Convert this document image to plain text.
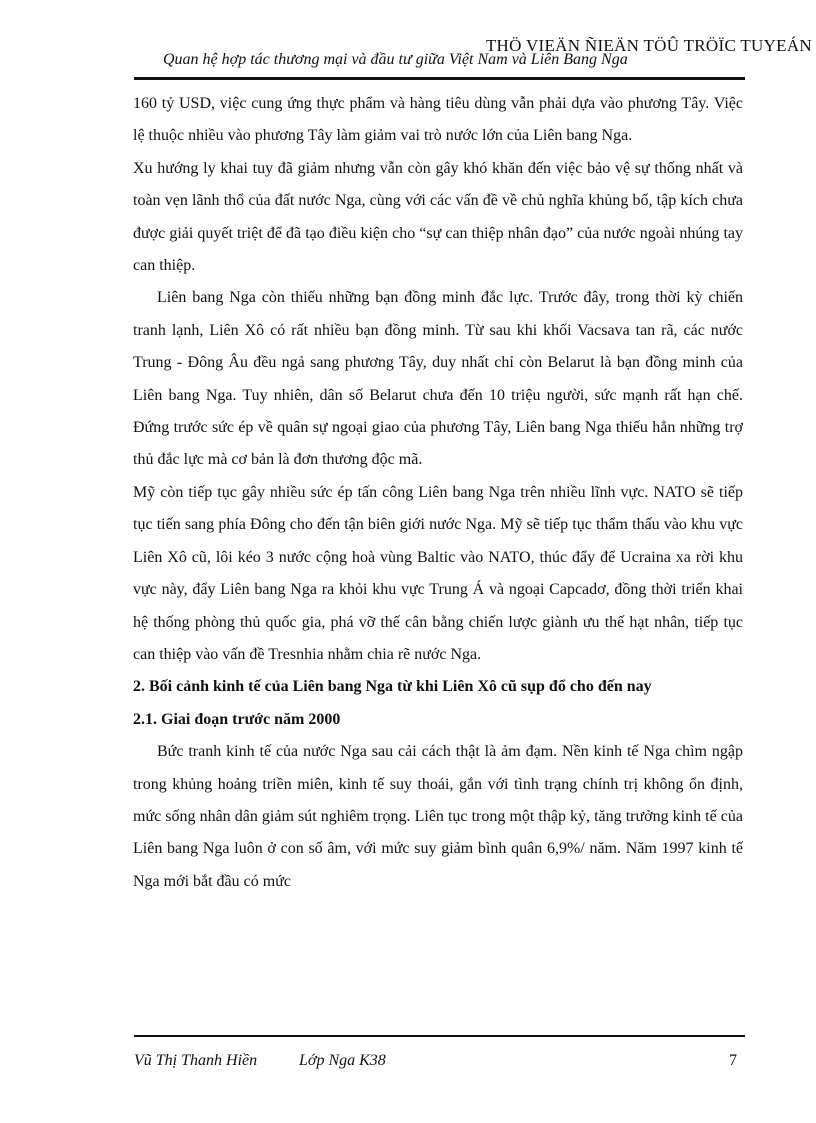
THÖ VIEÄN ÑIEÄN TÖÛ TRÖÏC TUYEÁN
Quan hệ hợp tác thương mại và đầu tư giữa Việt Nam và Liên Bang Nga

160 tỷ USD, việc cung ứng thực phẩm và hàng tiêu dùng vẫn phải dựa vào phương Tây. Việc lệ thuộc nhiều vào phương Tây làm giảm vai trò nước lớn của Liên bang Nga.

Xu hướng ly khai tuy đã giảm nhưng vẫn còn gây khó khăn đến việc bảo vệ sự thống nhất và toàn vẹn lãnh thổ của đất nước Nga, cùng với các vấn đề về chủ nghĩa khủng bố, tập kích chưa được giải quyết triệt để đã tạo điều kiện cho “sự can thiệp nhân đạo” của nước ngoài nhúng tay can thiệp.

Liên bang Nga còn thiếu những bạn đồng minh đắc lực. Trước đây, trong thời kỳ chiến tranh lạnh, Liên Xô có rất nhiều bạn đồng minh. Từ sau khi khối Vacsava tan rã, các nước Trung - Đông Âu đều ngả sang phương Tây, duy nhất chỉ còn Belarut là bạn đồng minh của Liên bang Nga. Tuy nhiên, dân số Belarut chưa đến 10 triệu người, sức mạnh rất hạn chế. Đứng trước sức ép về quân sự ngoại giao của phương Tây, Liên bang Nga thiếu hẳn những trợ thủ đắc lực mà cơ bản là đơn thương độc mã.

Mỹ còn tiếp tục gây nhiều sức ép tấn công Liên bang Nga trên nhiều lĩnh vực. NATO sẽ tiếp tục tiến sang phía Đông cho đến tận biên giới nước Nga. Mỹ sẽ tiếp tục thẩm thấu vào khu vực Liên Xô cũ, lôi kéo 3 nước cộng hoà vùng Baltic vào NATO, thúc đẩy để Ucraina xa rời khu vực này, đẩy Liên bang Nga ra khỏi khu vực Trung Á và ngoại Capcadơ, đồng thời triển khai hệ thống phòng thủ quốc gia, phá vỡ thế cân bằng chiến lược giành ưu thế hạt nhân, tiếp tục can thiệp vào vấn đề Tresnhia nhằm chia rẽ nước Nga.

2. Bối cảnh kinh tế của Liên bang Nga từ khi Liên Xô cũ sụp đổ cho đến nay

2.1. Giai đoạn trước năm 2000

Bức tranh kinh tế của nước Nga sau cải cách thật là ảm đạm. Nền kinh tế Nga chìm ngập trong khủng hoảng triền miên, kinh tế suy thoái, gắn với tình trạng chính trị không ổn định, mức sống nhân dân giảm sút nghiêm trọng. Liên tục trong một thập kỷ, tăng trưởng kinh tế của Liên bang Nga luôn ở con số âm, với mức suy giảm bình quân 6,9%/ năm. Năm 1997 kinh tế Nga mới bắt đầu có mức

Vũ Thị Thanh Hiền	Lớp Nga K38	7
